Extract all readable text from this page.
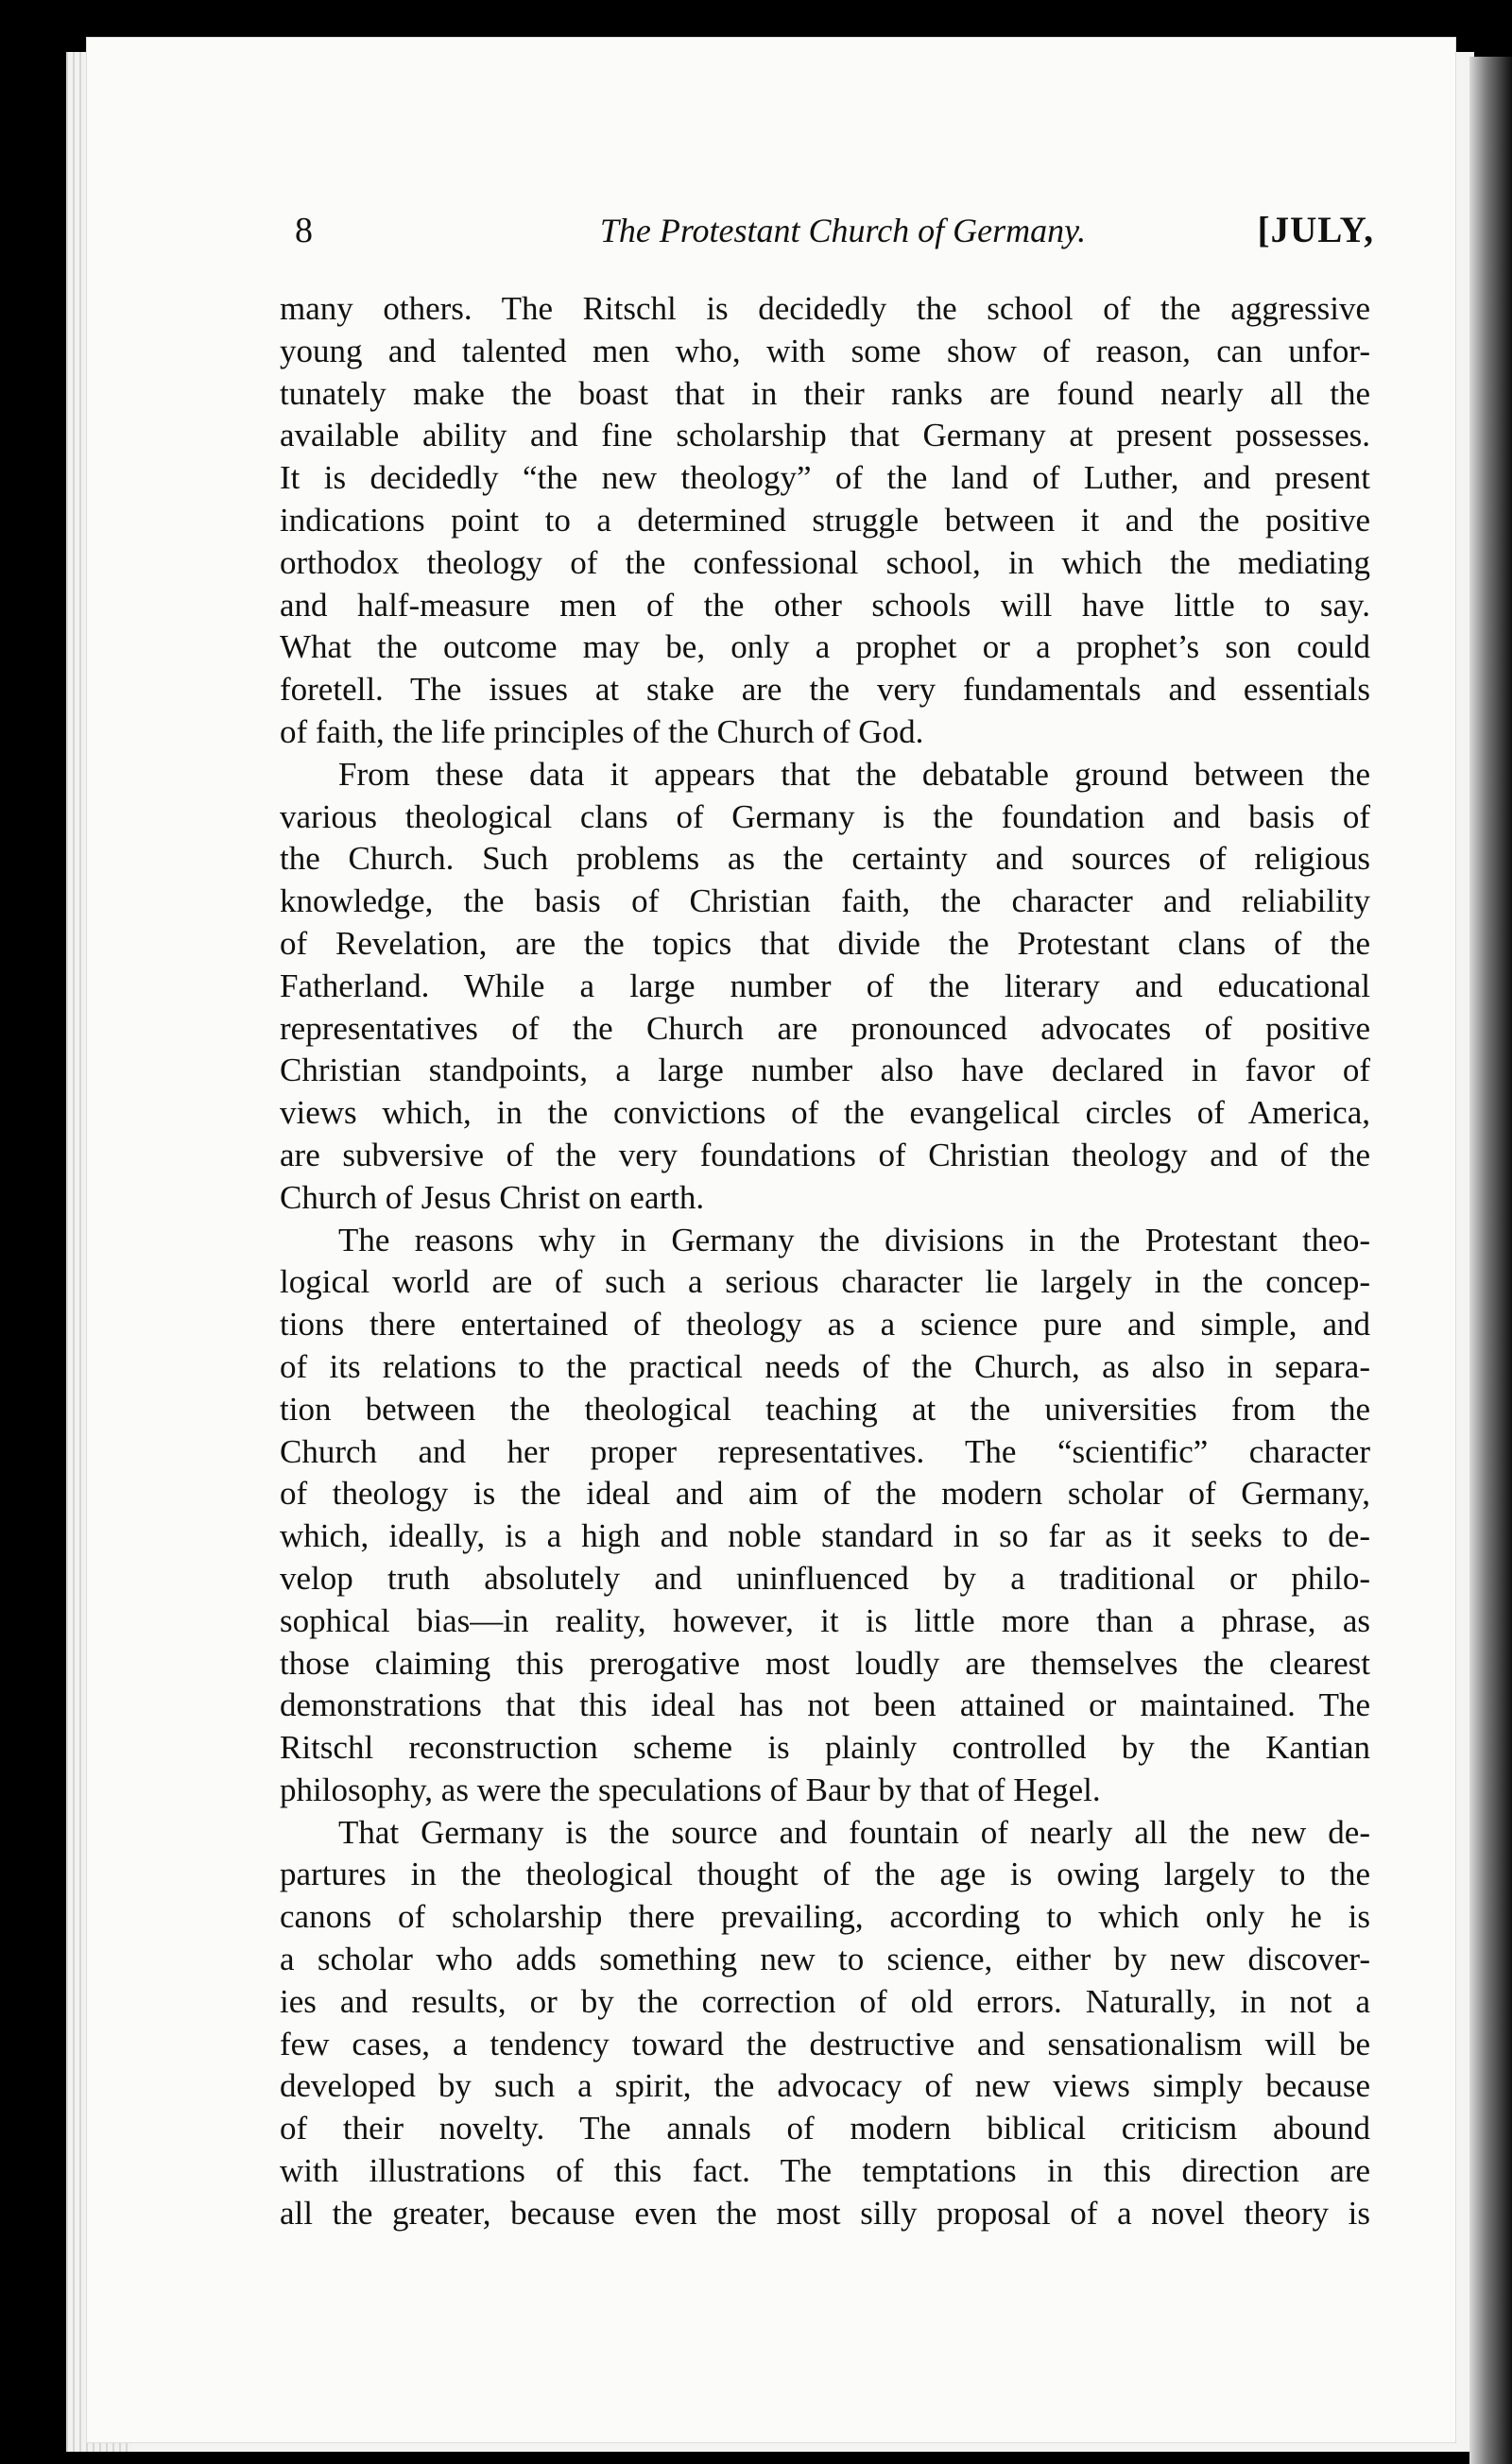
8	The Protestant Church of Germany.	[JULY,

many others. The Ritschl is decidedly the school of the aggressive
young and talented men who, with some show of reason, can unfor-
tunately make the boast that in their ranks are found nearly all the
available ability and fine scholarship that Germany at present possesses.
It is decidedly “the new theology” of the land of Luther, and present
indications point to a determined struggle between it and the positive
orthodox theology of the confessional school, in which the mediating
and half-measure men of the other schools will have little to say.
What the outcome may be, only a prophet or a prophet’s son could
foretell. The issues at stake are the very fundamentals and essentials
of faith, the life principles of the Church of God.

From these data it appears that the debatable ground between the
various theological clans of Germany is the foundation and basis of
the Church. Such problems as the certainty and sources of religious
knowledge, the basis of Christian faith, the character and reliability
of Revelation, are the topics that divide the Protestant clans of the
Fatherland. While a large number of the literary and educational
representatives of the Church are pronounced advocates of positive
Christian standpoints, a large number also have declared in favor of
views which, in the convictions of the evangelical circles of America,
are subversive of the very foundations of Christian theology and of the
Church of Jesus Christ on earth.

The reasons why in Germany the divisions in the Protestant theo-
logical world are of such a serious character lie largely in the concep-
tions there entertained of theology as a science pure and simple, and
of its relations to the practical needs of the Church, as also in separa-
tion between the theological teaching at the universities from the
Church and her proper representatives. The “scientific” character
of theology is the ideal and aim of the modern scholar of Germany,
which, ideally, is a high and noble standard in so far as it seeks to de-
velop truth absolutely and uninfluenced by a traditional or philo-
sophical bias—in reality, however, it is little more than a phrase, as
those claiming this prerogative most loudly are themselves the clearest
demonstrations that this ideal has not been attained or maintained. The
Ritschl reconstruction scheme is plainly controlled by the Kantian
philosophy, as were the speculations of Baur by that of Hegel.

That Germany is the source and fountain of nearly all the new de-
partures in the theological thought of the age is owing largely to the
canons of scholarship there prevailing, according to which only he is
a scholar who adds something new to science, either by new discover-
ies and results, or by the correction of old errors. Naturally, in not a
few cases, a tendency toward the destructive and sensationalism will be
developed by such a spirit, the advocacy of new views simply because
of their novelty. The annals of modern biblical criticism abound
with illustrations of this fact. The temptations in this direction are
all the greater, because even the most silly proposal of a novel theory is
